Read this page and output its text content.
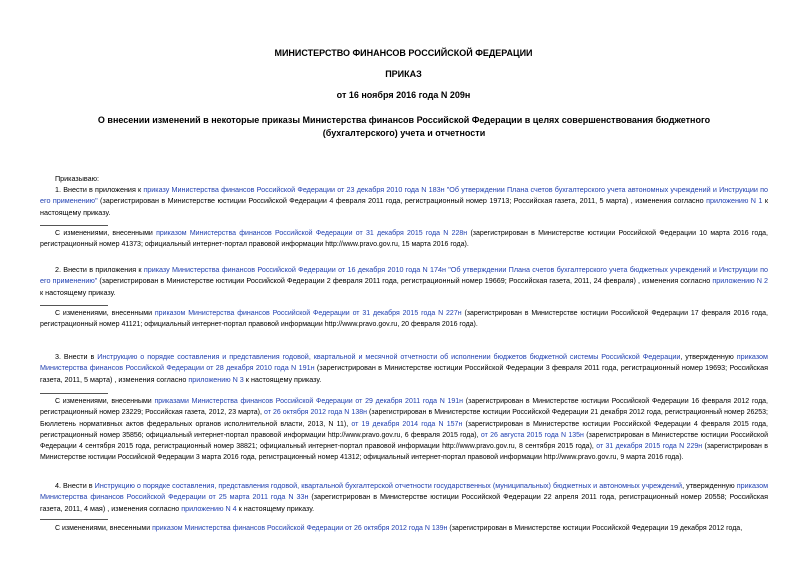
МИНИСТЕРСТВО ФИНАНСОВ РОССИЙСКОЙ ФЕДЕРАЦИИ
ПРИКАЗ
от 16 ноября 2016 года N 209н
О внесении изменений в некоторые приказы Министерства финансов Российской Федерации в целях совершенствования бюджетного (бухгалтерского) учета и отчетности
Приказываю:
1. Внести в приложения к приказу Министерства финансов Российской Федерации от 23 декабря 2010 года N 183н "Об утверждении Плана счетов бухгалтерского учета автономных учреждений и Инструкции по его применению" (зарегистрирован в Министерстве юстиции Российской Федерации 4 февраля 2011 года, регистрационный номер 19713; Российская газета, 2011, 5 марта) , изменения согласно приложению N 1 к настоящему приказу.
С изменениями, внесенными приказом Министерства финансов Российской Федерации от 31 декабря 2015 года N 228н (зарегистрирован в Министерстве юстиции Российской Федерации 10 марта 2016 года, регистрационный номер 41373; официальный интернет-портал правовой информации http://www.pravo.gov.ru, 15 марта 2016 года).
2. Внести в приложения к приказу Министерства финансов Российской Федерации от 16 декабря 2010 года N 174н "Об утверждении Плана счетов бухгалтерского учета бюджетных учреждений и Инструкции по его применению" (зарегистрирован в Министерстве юстиции Российской Федерации 2 февраля 2011 года, регистрационный номер 19669; Российская газета, 2011, 24 февраля) , изменения согласно приложению N 2 к настоящему приказу.
С изменениями, внесенными приказом Министерства финансов Российской Федерации от 31 декабря 2015 года N 227н (зарегистрирован в Министерстве юстиции Российской Федерации 17 февраля 2016 года, регистрационный номер 41121; официальный интернет-портал правовой информации http://www.pravo.gov.ru, 20 февраля 2016 года).
3. Внести в Инструкцию о порядке составления и представления годовой, квартальной и месячной отчетности об исполнении бюджетов бюджетной системы Российской Федерации, утвержденную приказом Министерства финансов Российской Федерации от 28 декабря 2010 года N 191н (зарегистрирован в Министерстве юстиции Российской Федерации 3 февраля 2011 года, регистрационный номер 19693; Российская газета, 2011, 5 марта) , изменения согласно приложению N 3 к настоящему приказу.
С изменениями, внесенными приказами Министерства финансов Российской Федерации от 29 декабря 2011 года N 191н (зарегистрирован в Министерстве юстиции Российской Федерации 16 февраля 2012 года, регистрационный номер 23229; Российская газета, 2012, 23 марта), от 26 октября 2012 года N 138н (зарегистрирован в Министерстве юстиции Российской Федерации 21 декабря 2012 года, регистрационный номер 26253; Бюллетень нормативных актов федеральных органов исполнительной власти, 2013, N 11), от 19 декабря 2014 года N 157н (зарегистрирован в Министерстве юстиции Российской Федерации 4 февраля 2015 года, регистрационный номер 35856; официальный интернет-портал правовой информации http://www.pravo.gov.ru, 6 февраля 2015 года), от 26 августа 2015 года N 135н (зарегистрирован в Министерстве юстиции Российской Федерации 4 сентября 2015 года, регистрационный номер 38821; официальный интернет-портал правовой информации http://www.pravo.gov.ru, 8 сентября 2015 года), от 31 декабря 2015 года N 229н (зарегистрирован в Министерстве юстиции Российской Федерации 3 марта 2016 года, регистрационный номер 41312; официальный интернет-портал правовой информации http://www.pravo.gov.ru, 9 марта 2016 года).
4. Внести в Инструкцию о порядке составления, представления годовой, квартальной бухгалтерской отчетности государственных (муниципальных) бюджетных и автономных учреждений, утвержденную приказом Министерства финансов Российской Федерации от 25 марта 2011 года N 33н (зарегистрирован в Министерстве юстиции Российской Федерации 22 апреля 2011 года, регистрационный номер 20558; Российская газета, 2011, 4 мая) , изменения согласно приложению N 4 к настоящему приказу.
С изменениями, внесенными приказом Министерства финансов Российской Федерации от 26 октября 2012 года N 139н (зарегистрирован в Министерстве юстиции Российской Федерации 19 декабря 2012 года,
